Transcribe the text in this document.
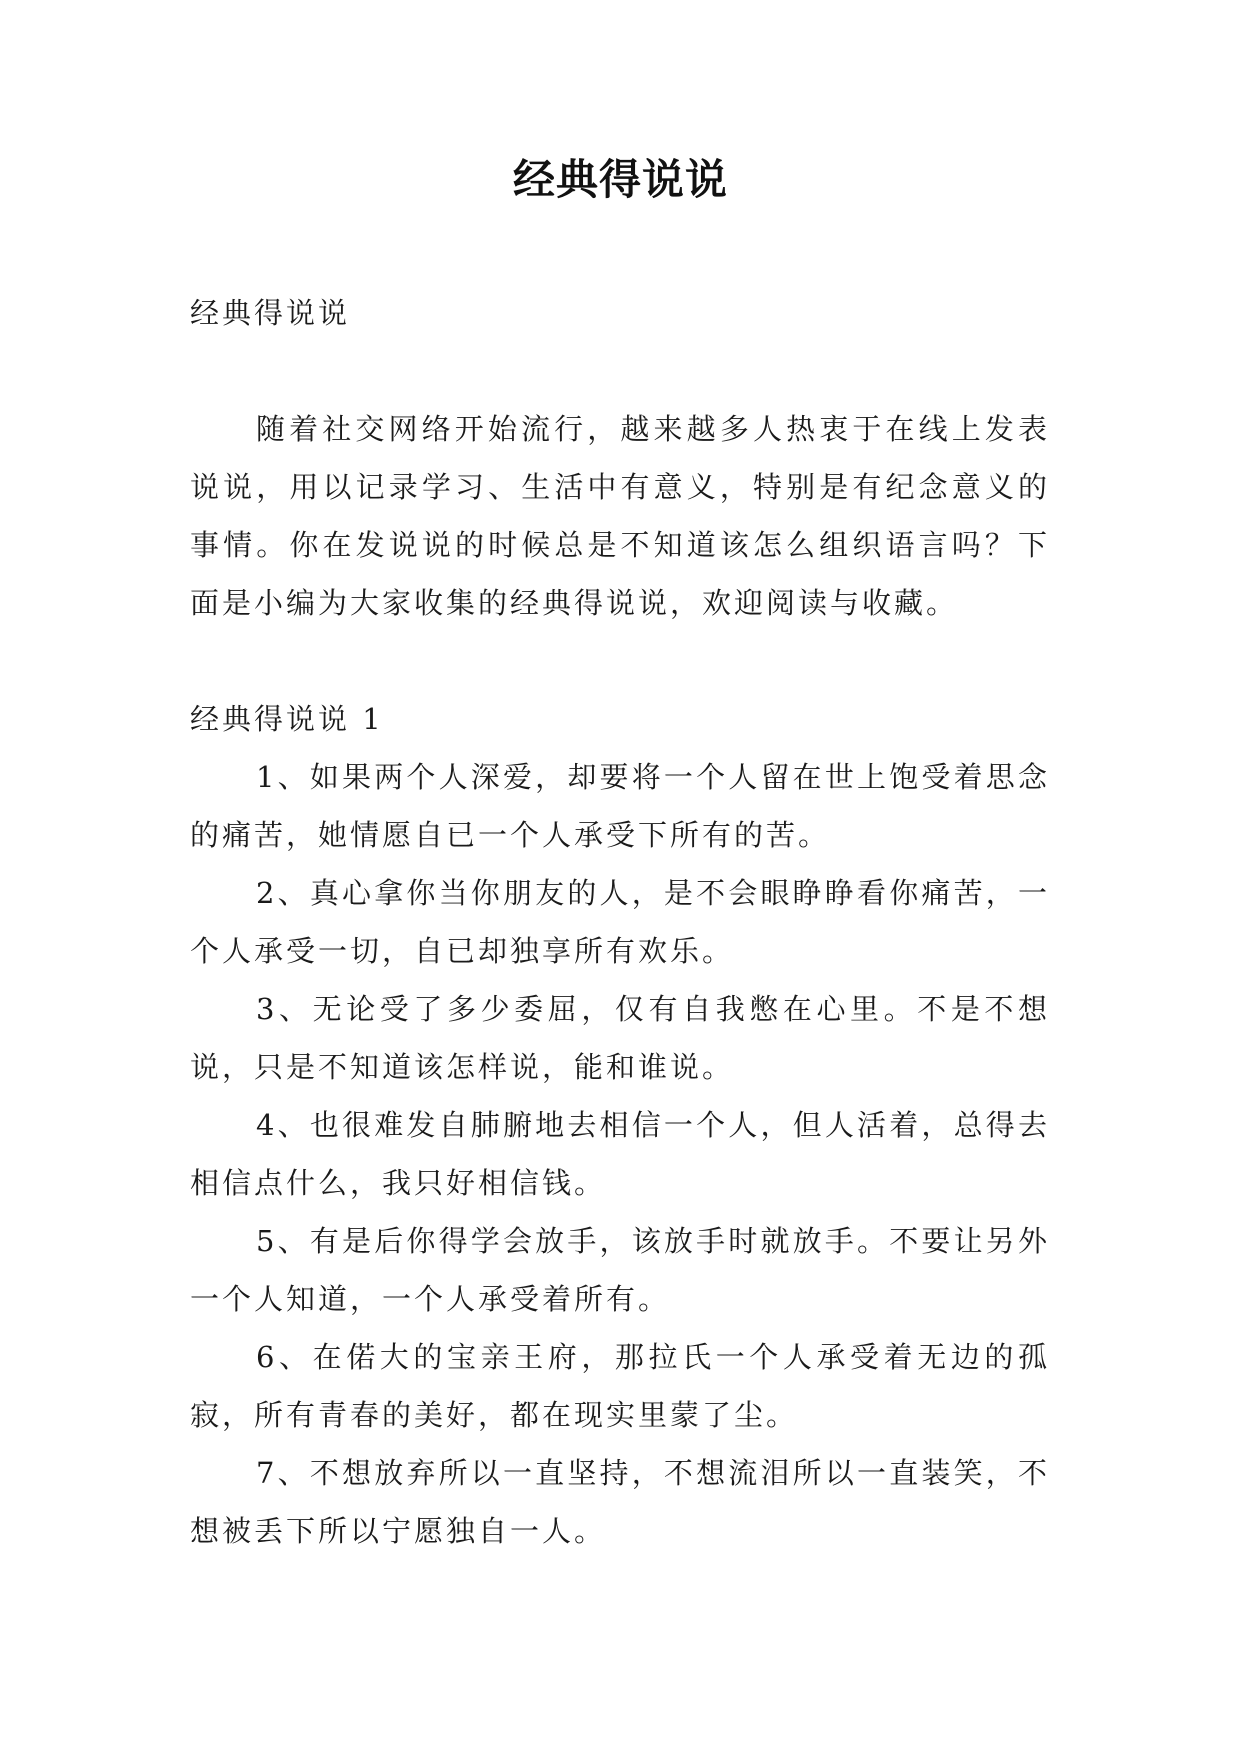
经典得说说

经典得说说

随着社交网络开始流行，越来越多人热衷于在线上发表说说，用以记录学习、生活中有意义，特别是有纪念意义的事情。你在发说说的时候总是不知道该怎么组织语言吗？下面是小编为大家收集的经典得说说，欢迎阅读与收藏。

经典得说说 1

1、如果两个人深爱，却要将一个人留在世上饱受着思念的痛苦，她情愿自已一个人承受下所有的苦。

2、真心拿你当你朋友的人，是不会眼睁睁看你痛苦，一个人承受一切，自已却独享所有欢乐。

3、无论受了多少委屈，仅有自我憋在心里。不是不想说，只是不知道该怎样说，能和谁说。

4、也很难发自肺腑地去相信一个人，但人活着，总得去相信点什么，我只好相信钱。

5、有是后你得学会放手，该放手时就放手。不要让另外一个人知道，一个人承受着所有。

6、在偌大的宝亲王府，那拉氏一个人承受着无边的孤寂，所有青春的美好，都在现实里蒙了尘。

7、不想放弃所以一直坚持，不想流泪所以一直装笑，不想被丢下所以宁愿独自一人。
